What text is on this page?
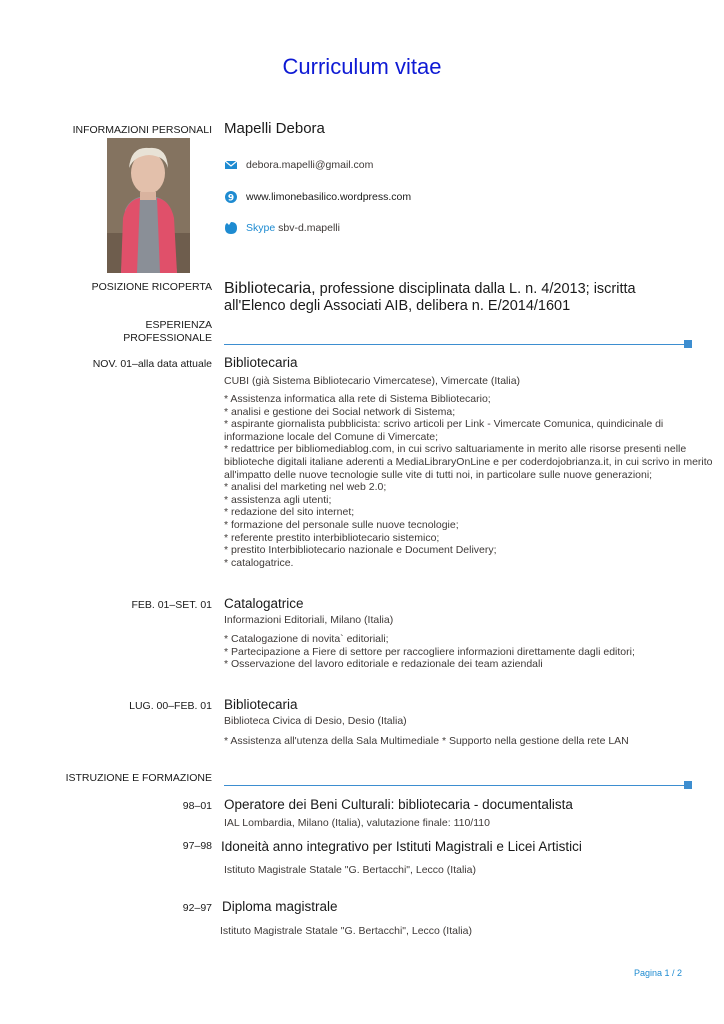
Curriculum vitae
INFORMAZIONI PERSONALI Mapelli Debora
debora.mapelli@gmail.com
9 www.limonebasilico.wordpress.com
Skype
sbv-d.mapelli
POSIZIONE RICOPERTA Bibliotecaria, professione disciplinata dalla L. n. 4/2013; iscritta all'Elenco degli Associati AIB, delibera n. E/2014/1601
ESPERIENZA
PROFESSIONALE
NOV. 01–alla data attuale Bibliotecaria
CUBI (già Sistema Bibliotecario Vimercatese), Vimercate (Italia)
* Assistenza informatica alla rete di Sistema Bibliotecario;
* analisi e gestione dei Social network di Sistema;
* aspirante giornalista pubblicista: scrivo articoli per Link - Vimercate Comunica, quindicinale di informazione locale del Comune di Vimercate;
* redattrice per bibliomediablog.com, in cui scrivo saltuariamente in merito alle risorse presenti nelle biblioteche digitali italiane aderenti a MediaLibraryOnLine e per coderdojobrianza.it, in cui scrivo in merito all'impatto delle nuove tecnologie sulle vite di tutti noi, in particolare sulle nuove generazioni;
* analisi del marketing nel web 2.0;
* assistenza agli utenti;
* redazione del sito internet;
* formazione del personale sulle nuove tecnologie;
* referente prestito interbibliotecario sistemico;
* prestito Interbibliotecario nazionale e Document Delivery;
* catalogatrice.
FEB. 01–SET. 01 Catalogatrice
Informazioni Editoriali, Milano (Italia)
* Catalogazione di novita` editoriali;
* Partecipazione a Fiere di settore per raccogliere informazioni direttamente dagli editori;
* Osservazione del lavoro editoriale e redazionale dei team aziendali
LUG. 00–FEB. 01 Bibliotecaria
Biblioteca Civica di Desio, Desio (Italia)
* Assistenza all'utenza della Sala Multimediale * Supporto nella gestione della rete LAN
ISTRUZIONE E FORMAZIONE
98–01 Operatore dei Beni Culturali: bibliotecaria - documentalista
IAL Lombardia, Milano (Italia), valutazione finale: 110/110
97–98 Idoneità anno integrativo per Istituti Magistrali e Licei Artistici
Istituto Magistrale Statale "G. Bertacchi", Lecco (Italia)
92–97 Diploma magistrale
Istituto Magistrale Statale "G. Bertacchi", Lecco (Italia)
Pagina 1 / 2
